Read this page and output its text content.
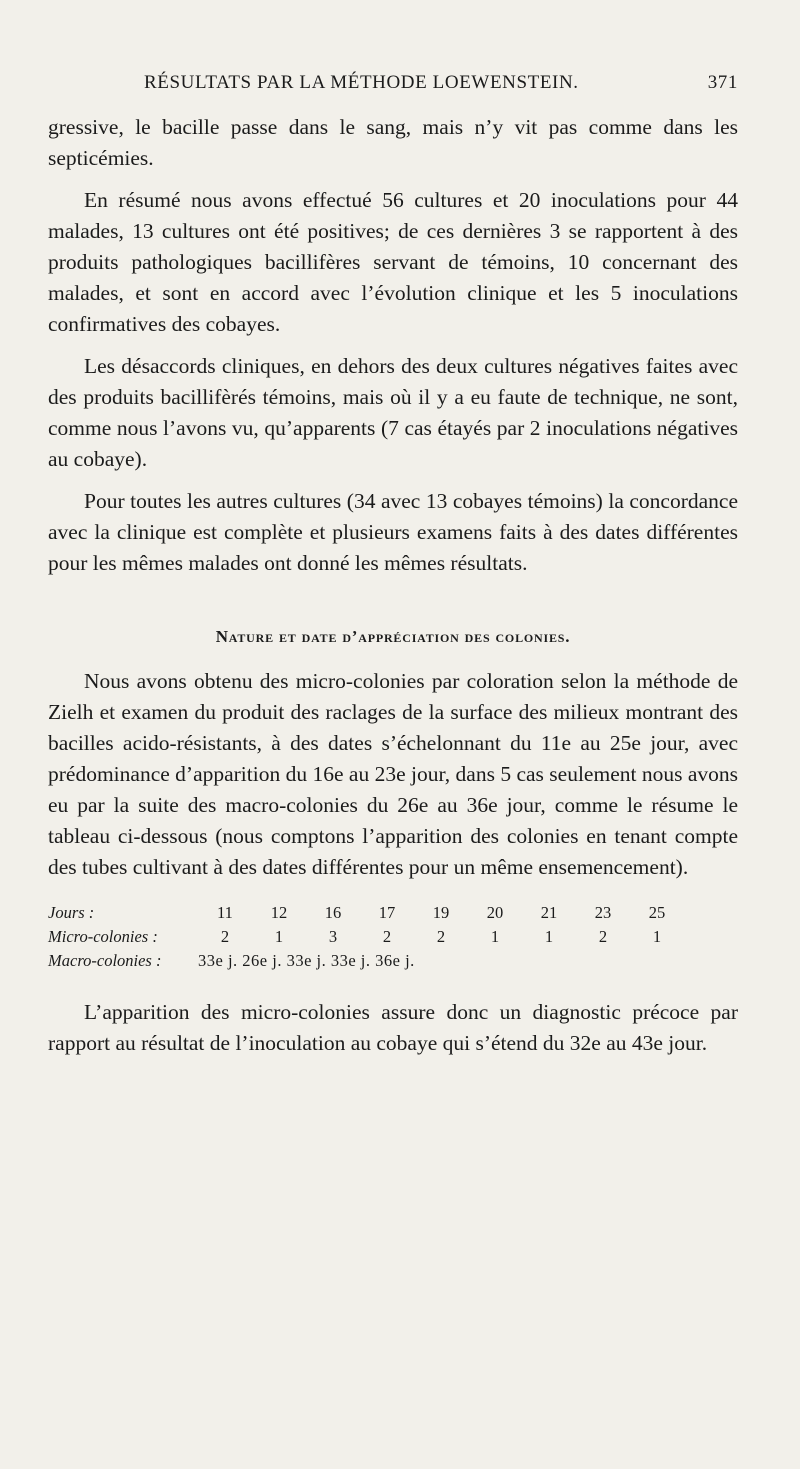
RÉSULTATS PAR LA MÉTHODE LOEWENSTEIN.	371

gressive, le bacille passe dans le sang, mais n’y vit pas comme dans les septicémies.

En résumé nous avons effectué 56 cultures et 20 inoculations pour 44 malades, 13 cultures ont été positives; de ces dernières 3 se rapportent à des produits pathologiques bacillifères servant de témoins, 10 concernant des malades, et sont en accord avec l’évolution clinique et les 5 inoculations confirmatives des cobayes.

Les désaccords cliniques, en dehors des deux cultures négatives faites avec des produits bacillifèrés témoins, mais où il y a eu faute de technique, ne sont, comme nous l’avons vu, qu’apparents (7 cas étayés par 2 inoculations négatives au cobaye).

Pour toutes les autres cultures (34 avec 13 cobayes témoins) la concordance avec la clinique est complète et plusieurs examens faits à des dates différentes pour les mêmes malades ont donné les mêmes résultats.

Nature et date d’appréciation des colonies.

Nous avons obtenu des micro-colonies par coloration selon la méthode de Zielh et examen du produit des raclages de la surface des milieux montrant des bacilles acido-résistants, à des dates s’échelonnant du 11e au 25e jour, avec prédominance d’apparition du 16e au 23e jour, dans 5 cas seulement nous avons eu par la suite des macro-colonies du 26e au 36e jour, comme le résume le tableau ci-dessous (nous comptons l’apparition des colonies en tenant compte des tubes cultivant à des dates différentes pour un même ensemencement).

Jours :	11	12	16	17	19	20	21	23	25
Micro-colonies :	2	1	3	2	2	1	1	2	1
Macro-colonies :	33e j. 26e j. 33e j. 33e j. 36e j.

L’apparition des micro-colonies assure donc un diagnostic précoce par rapport au résultat de l’inoculation au cobaye qui s’étend du 32e au 43e jour.
